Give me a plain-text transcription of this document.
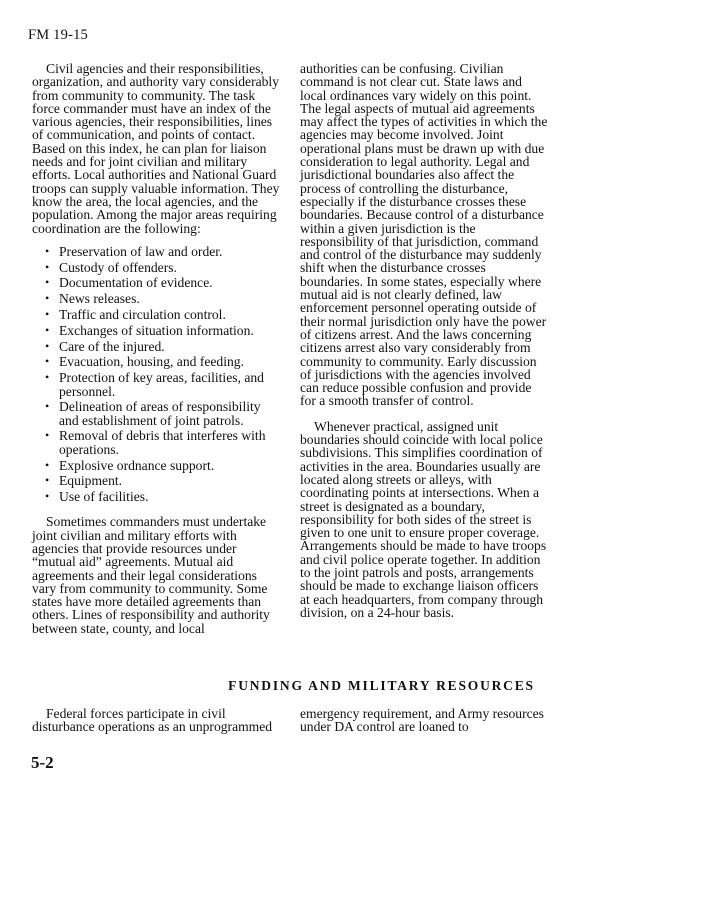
FM 19-15

Civil agencies and their responsibilities, organization, and authority vary considerably from community to community. The task force commander must have an index of the various agencies, their responsibilities, lines of communication, and points of contact. Based on this index, he can plan for liaison needs and for joint civilian and military efforts. Local authorities and National Guard troops can supply valuable information. They know the area, the local agencies, and the population. Among the major areas requiring coordination are the following:

• Preservation of law and order.
• Custody of offenders.
• Documentation of evidence.
• News releases.
• Traffic and circulation control.
• Exchanges of situation information.
• Care of the injured.
• Evacuation, housing, and feeding.
• Protection of key areas, facilities, and personnel.
• Delineation of areas of responsibility and establishment of joint patrols.
• Removal of debris that interferes with operations.
• Explosive ordnance support.
• Equipment.
• Use of facilities.

Sometimes commanders must undertake joint civilian and military efforts with agencies that provide resources under “mutual aid” agreements. Mutual aid agreements and their legal considerations vary from community to community. Some states have more detailed agreements than others. Lines of responsibility and authority between state, county, and local

authorities can be confusing. Civilian command is not clear cut. State laws and local ordinances vary widely on this point. The legal aspects of mutual aid agreements may affect the types of activities in which the agencies may become involved. Joint operational plans must be drawn up with due consideration to legal authority. Legal and jurisdictional boundaries also affect the process of controlling the disturbance, especially if the disturbance crosses these boundaries. Because control of a disturbance within a given jurisdiction is the responsibility of that jurisdiction, command and control of the disturbance may suddenly shift when the disturbance crosses boundaries. In some states, especially where mutual aid is not clearly defined, law enforcement personnel operating outside of their normal jurisdiction only have the power of citizens arrest. And the laws concerning citizens arrest also vary considerably from community to community. Early discussion of jurisdictions with the agencies involved can reduce possible confusion and provide for a smooth transfer of control.

Whenever practical, assigned unit boundaries should coincide with local police subdivisions. This simplifies coordination of activities in the area. Boundaries usually are located along streets or alleys, with coordinating points at intersections. When a street is designated as a boundary, responsibility for both sides of the street is given to one unit to ensure proper coverage. Arrangements should be made to have troops and civil police operate together. In addition to the joint patrols and posts, arrangements should be made to exchange liaison officers at each headquarters, from company through division, on a 24-hour basis.

FUNDING AND MILITARY RESOURCES

Federal forces participate in civil disturbance operations as an unprogrammed

emergency requirement, and Army resources under DA control are loaned to

5-2
